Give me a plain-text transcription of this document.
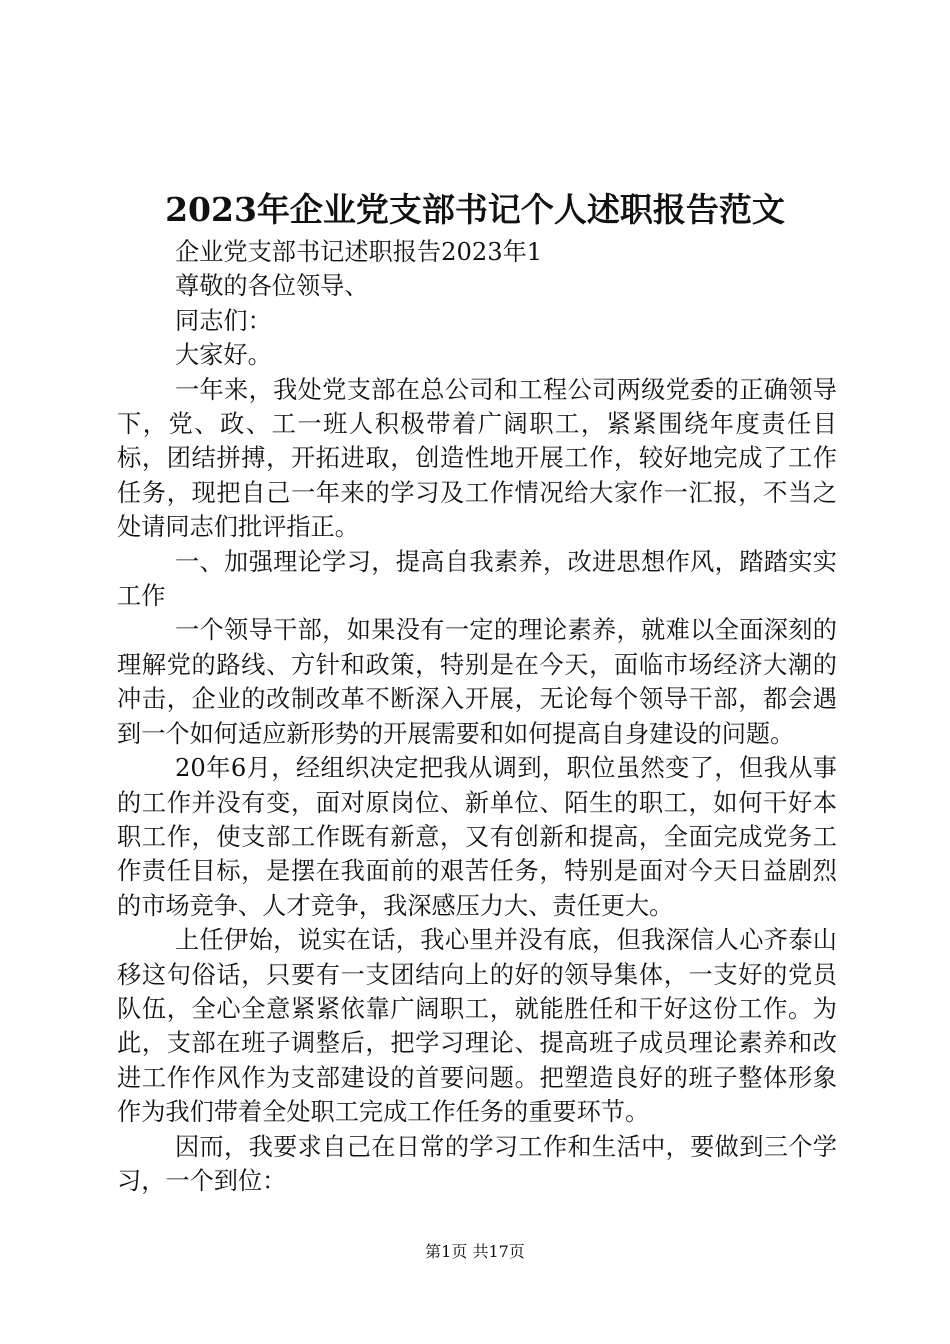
2023年企业党支部书记个人述职报告范文

企业党支部书记述职报告2023年1

尊敬的各位领导、

同志们：

大家好。

一年来，我处党支部在总公司和工程公司两级党委的正确领导下，党、政、工一班人积极带着广阔职工，紧紧围绕年度责任目标，团结拼搏，开拓进取，创造性地开展工作，较好地完成了工作任务，现把自己一年来的学习及工作情况给大家作一汇报，不当之处请同志们批评指正。

一、加强理论学习，提高自我素养，改进思想作风，踏踏实实工作

一个领导干部，如果没有一定的理论素养，就难以全面深刻的理解党的路线、方针和政策，特别是在今天，面临市场经济大潮的冲击，企业的改制改革不断深入开展，无论每个领导干部，都会遇到一个如何适应新形势的开展需要和如何提高自身建设的问题。

20年6月，经组织决定把我从调到，职位虽然变了，但我从事的工作并没有变，面对原岗位、新单位、陌生的职工，如何干好本职工作，使支部工作既有新意，又有创新和提高，全面完成党务工作责任目标，是摆在我面前的艰苦任务，特别是面对今天日益剧烈的市场竞争、人才竞争，我深感压力大、责任更大。

上任伊始，说实在话，我心里并没有底，但我深信人心齐泰山移这句俗话，只要有一支团结向上的好的领导集体，一支好的党员队伍，全心全意紧紧依靠广阔职工，就能胜任和干好这份工作。为此，支部在班子调整后，把学习理论、提高班子成员理论素养和改进工作作风作为支部建设的首要问题。把塑造良好的班子整体形象作为我们带着全处职工完成工作任务的重要环节。

因而，我要求自己在日常的学习工作和生活中，要做到三个学习，一个到位：

第1页 共17页
